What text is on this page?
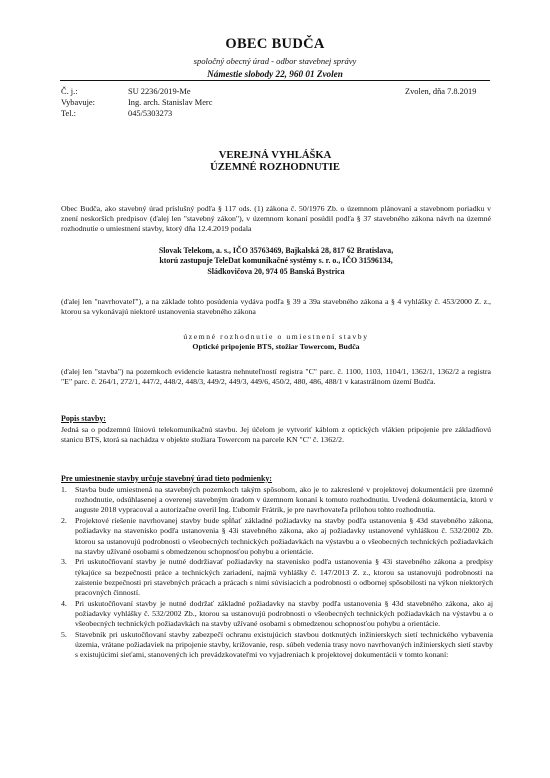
OBEC BUDČA
spoločný obecný úrad - odbor stavebnej správy
Námestie slobody 22, 960 01 Zvolen
Č. j.:	SU 2236/2019-Me
Vybavuje:	Ing. arch. Stanislav Merc
Tel.:	045/5303273
Zvolen, dňa 7.8.2019
VEREJNÁ VYHLÁŠKA
ÚZEMNÉ ROZHODNUTIE
Obec Budča, ako stavebný úrad príslušný podľa § 117 ods. (1) zákona č. 50/1976 Zb. o územnom plánovaní a stavebnom poriadku v znení neskorších predpisov (ďalej len "stavebný zákon"), v územnom konaní posúdil podľa § 37 stavebného zákona návrh na územné rozhodnutie o umiestnení stavby, ktorý dňa 12.4.2019 podala
Slovak Telekom, a. s., IČO 35763469, Bajkalská 28, 817 62 Bratislava,
ktorú zastupuje TeleDat komunikačné systémy s. r. o., IČO 31596134,
Sládkovičova 20, 974 05 Banská Bystrica
(ďalej len "navrhovateľ"), a na základe tohto posúdenia vydáva podľa § 39 a 39a stavebného zákona a § 4 vyhlášky č. 453/2000 Z. z., ktorou sa vykonávajú niektoré ustanovenia stavebného zákona
územné rozhodnutie o umiestnení stavby
Optické pripojenie BTS, stožiar Towercom, Budča
(ďalej len "stavba") na pozemkoch evidencie katastra nehnuteľností registra "C" parc. č. 1100, 1103, 1104/1, 1362/1, 1362/2 a registra "E" parc. č. 264/1, 272/1, 447/2, 448/2, 448/3, 449/2, 449/3, 449/6, 450/2, 480, 486, 488/1 v katastrálnom území Budča.
Popis stavby:
Jedná sa o podzemnú líniovú telekomunikačnú stavbu. Jej účelom je vytvoriť káblom z optických vlákien pripojenie pre základňovú stanicu BTS, ktorá sa nachádza v objekte stožiara Towercom na parcele KN "C" č. 1362/2.
Pre umiestnenie stavby určuje stavebný úrad tieto podmienky:
1.	Stavba bude umiestnená na stavebných pozemkoch takým spôsobom, ako je to zakreslené v projektovej dokumentácii pre územné rozhodnutie, odsúhlasenej a overenej stavebným úradom v územnom konaní k tomuto rozhodnutiu. Uvedená dokumentácia, ktorú v auguste 2018 vypracoval a autorizačne overil Ing. Ľubomír Frátrik, je pre navrhovateľa prílohou tohto rozhodnutia.
2.	Projektové riešenie navrhovanej stavby bude spĺňať základné požiadavky na stavby podľa ustanovenia § 43d stavebného zákona, požiadavky na stavenisko podľa ustanovenia § 43i stavebného zákona, ako aj požiadavky ustanovené vyhláškou č. 532/2002 Zb. ktorou sa ustanovujú podrobnosti o všeobecných technických požiadavkách na výstavbu a o všeobecných technických požiadavkách na stavby užívané osobami s obmedzenou schopnosťou pohybu a orientácie.
3.	Pri uskutočňovaní stavby je nutné dodržiavať požiadavky na stavenisko podľa ustanovenia § 43i stavebného zákona a predpisy týkajúce sa bezpečnosti práce a technických zariadení, najmä vyhlášky č. 147/2013 Z. z., ktorou sa ustanovujú podrobnosti na zaistenie bezpečnosti pri stavebných prácach a prácach s nimi súvisiacich a podrobnosti o odbornej spôsobilosti na výkon niektorých pracovných činností.
4.	Pri uskutočňovaní stavby je nutné dodržať základné požiadavky na stavby podľa ustanovenia § 43d stavebného zákona, ako aj požiadavky vyhlášky č. 532/2002 Zb., ktorou sa ustanovujú podrobnosti o všeobecných technických požiadavkách na výstavbu a o všeobecných technických požiadavkách na stavby užívané osobami s obmedzenou schopnosťou pohybu a orientácie.
5.	Stavebník pri uskutočňovaní stavby zabezpečí ochranu existujúcich stavbou dotknutých inžinierskych sietí technického vybavenia územia, vrátane požiadaviek na pripojenie stavby, križovanie, resp. súbeh vedenia trasy novo navrhovaných inžinierskych sietí stavby s existujúcimi sieťami, stanovených ich prevádzkovateľmi vo vyjadreniach k projektovej dokumentácii v tomto konaní:
